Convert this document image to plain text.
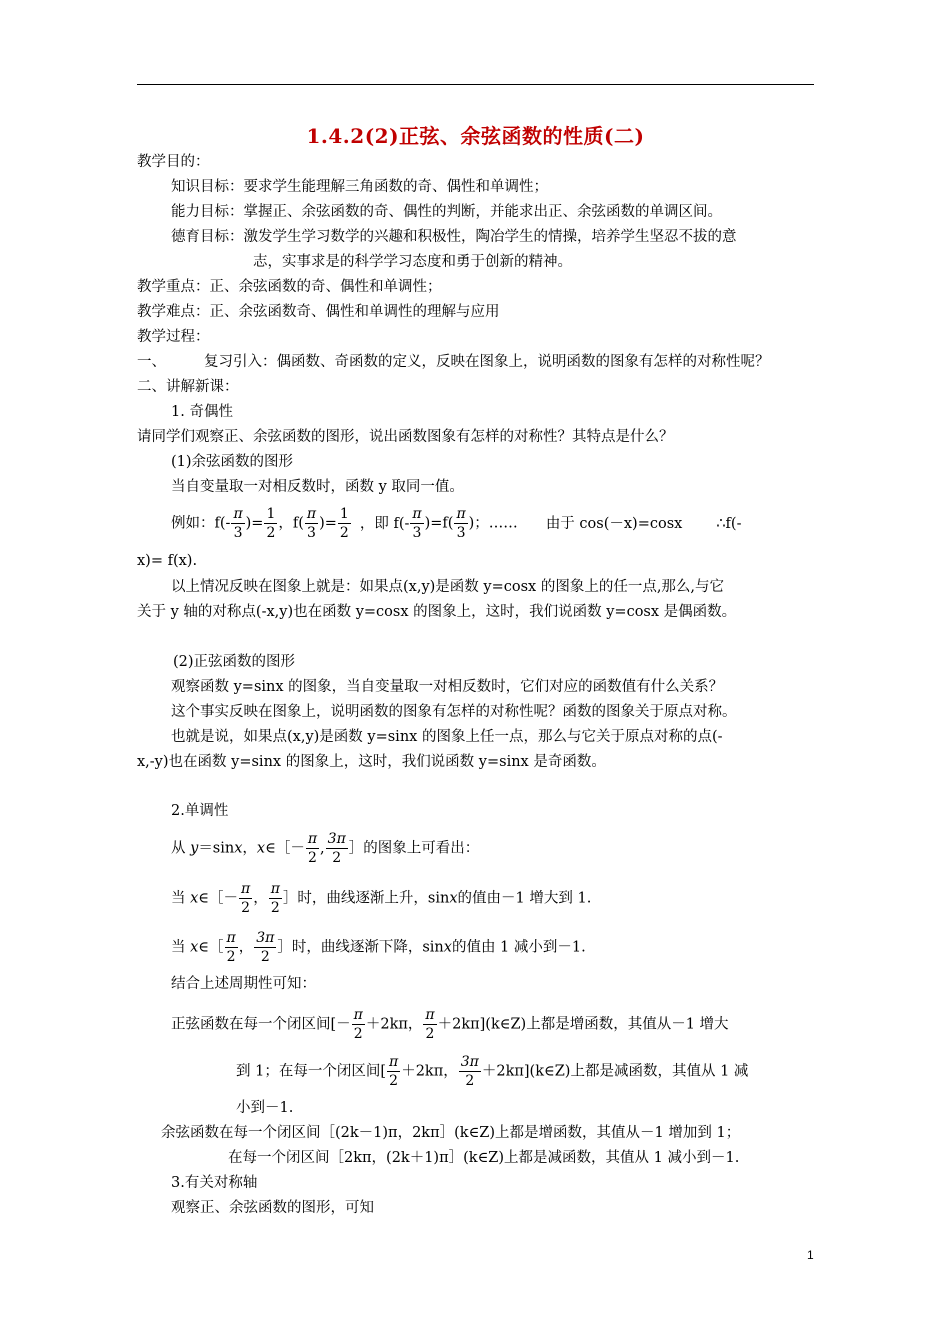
1.4.2(2)正弦、余弦函数的性质(二)
教学目的：
知识目标：要求学生能理解三角函数的奇、偶性和单调性；
能力目标：掌握正、余弦函数的奇、偶性的判断，并能求出正、余弦函数的单调区间。
德育目标：激发学生学习数学的兴趣和积极性，陶冶学生的情操，培养学生坚忍不拔的意
志，实事求是的科学学习态度和勇于创新的精神。
教学重点：正、余弦函数的奇、偶性和单调性；
教学难点：正、余弦函数奇、偶性和单调性的理解与应用
教学过程：
一、	复习引入：偶函数、奇函数的定义，反映在图象上，说明函数的图象有怎样的对称性呢？
二、讲解新课：
1. 奇偶性
请同学们观察正、余弦函数的图形，说出函数图象有怎样的对称性？其特点是什么？
(1)余弦函数的图形
当自变量取一对相反数时，函数 y 取同一值。
例如：$f(- \frac{\pi}{3}$ )= $\frac{1}{2}$ ，$f( \frac{\pi}{3}$ )= $\frac{1}{2}$ ，即 $f(- \frac{\pi}{3} )=f( \frac{\pi}{3}$ )；…… 由于 cos(－x)=cosx ∴f(-
x)= f(x).
以上情况反映在图象上就是：如果点(x,y)是函数 y=cosx 的图象上的任一点,那么,与它
关于 y 轴的对称点(-x,y)也在函数 y=cosx 的图象上，这时，我们说函数 y=cosx 是偶函数。
(2)正弦函数的图形
观察函数 y=sinx 的图象，当自变量取一对相反数时，它们对应的函数值有什么关系？
这个事实反映在图象上，说明函数的图象有怎样的对称性呢？函数的图象关于原点对称。
也就是说，如果点(x,y)是函数 y=sinx 的图象上任一点，那么与它关于原点对称的点(-
x,-y)也在函数 y=sinx 的图象上，这时，我们说函数 y=sinx 是奇函数。
2.单调性
从 y＝sinx，x∈［－ $\frac{\pi}{2}$ , $\frac{3\pi}{2}$ ］的图象上可看出：
当 x∈［－ $\frac{\pi}{2}$ ， $\frac{\pi}{2}$ ］时，曲线逐渐上升，sinx的值由－1 增大到 1.
当 x∈［ $\frac{\pi}{2}$ ， $\frac{3\pi}{2}$ ］时，曲线逐渐下降，sinx的值由 1 减小到－1.
结合上述周期性可知：
正弦函数在每一个闭区间[－ $\frac{\pi}{2} +2k\pi$， $\frac{\pi}{2}$ ＋2kπ](k∈Z)上都是增函数，其值从－1 增大
到 1；在每一个闭区间[ $\frac{\pi}{2} +2k\pi$， $\frac{3\pi}{2}$ ＋2kπ](k∈Z)上都是减函数，其值从 1 减
小到－1.
余弦函数在每一个闭区间［(2k－1)π，2kπ］(k∈Z)上都是增函数，其值从－1 增加到 1；
在每一个闭区间［2kπ，(2k＋1)π］(k∈Z)上都是减函数，其值从 1 减小到－1.
3.有关对称轴
观察正、余弦函数的图形，可知
1
